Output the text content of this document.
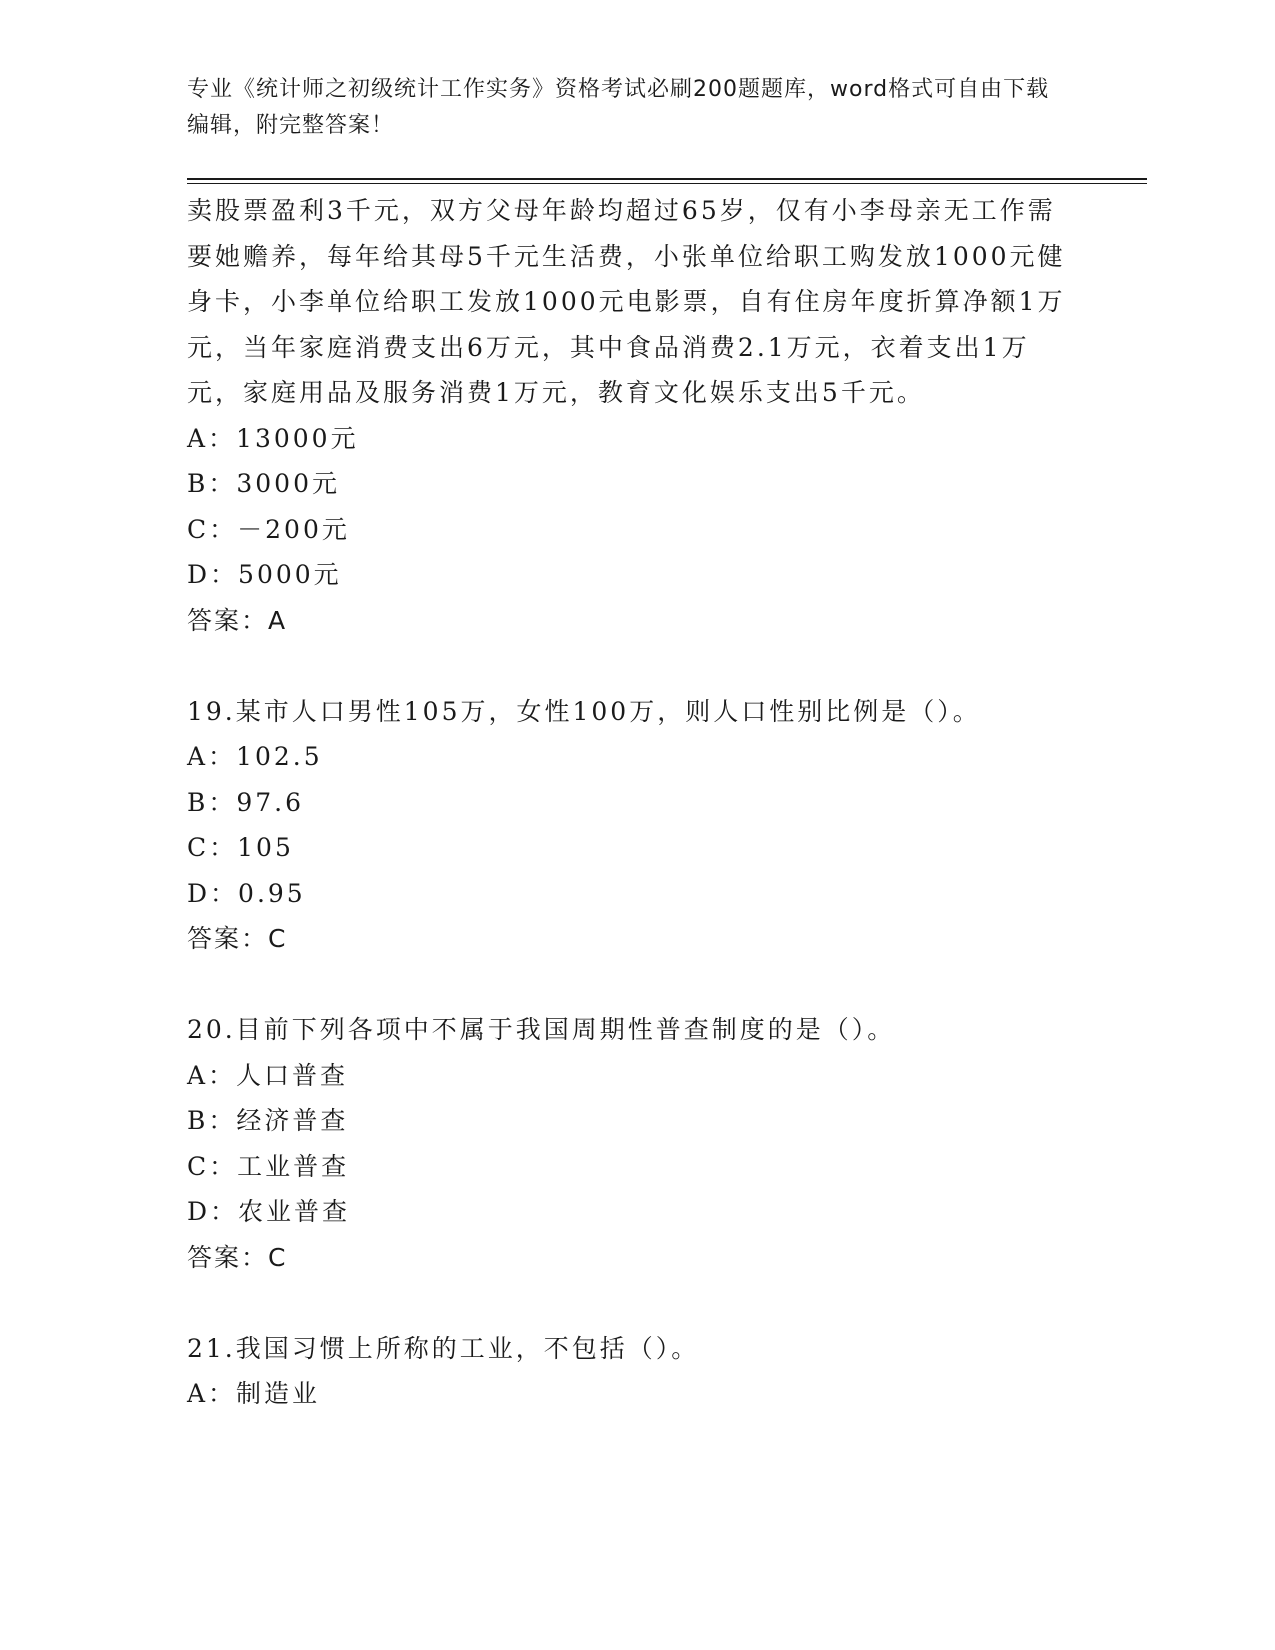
专业《统计师之初级统计工作实务》资格考试必刷200题题库，word格式可自由下载编辑，附完整答案！

卖股票盈利3千元，双方父母年龄均超过65岁，仅有小李母亲无工作需要她赡养，每年给其母5千元生活费，小张单位给职工购发放1000元健身卡，小李单位给职工发放1000元电影票，自有住房年度折算净额1万元，当年家庭消费支出6万元，其中食品消费2.1万元，衣着支出1万元，家庭用品及服务消费1万元，教育文化娱乐支出5千元。

A：13000元
B：3000元
C：－200元
D：5000元
答案：A
19.某市人口男性105万，女性100万，则人口性别比例是（）。
A：102.5
B：97.6
C：105
D：0.95
答案：C
20.目前下列各项中不属于我国周期性普查制度的是（）。
A：人口普查
B：经济普查
C：工业普查
D：农业普查
答案：C
21.我国习惯上所称的工业，不包括（）。
A：制造业
